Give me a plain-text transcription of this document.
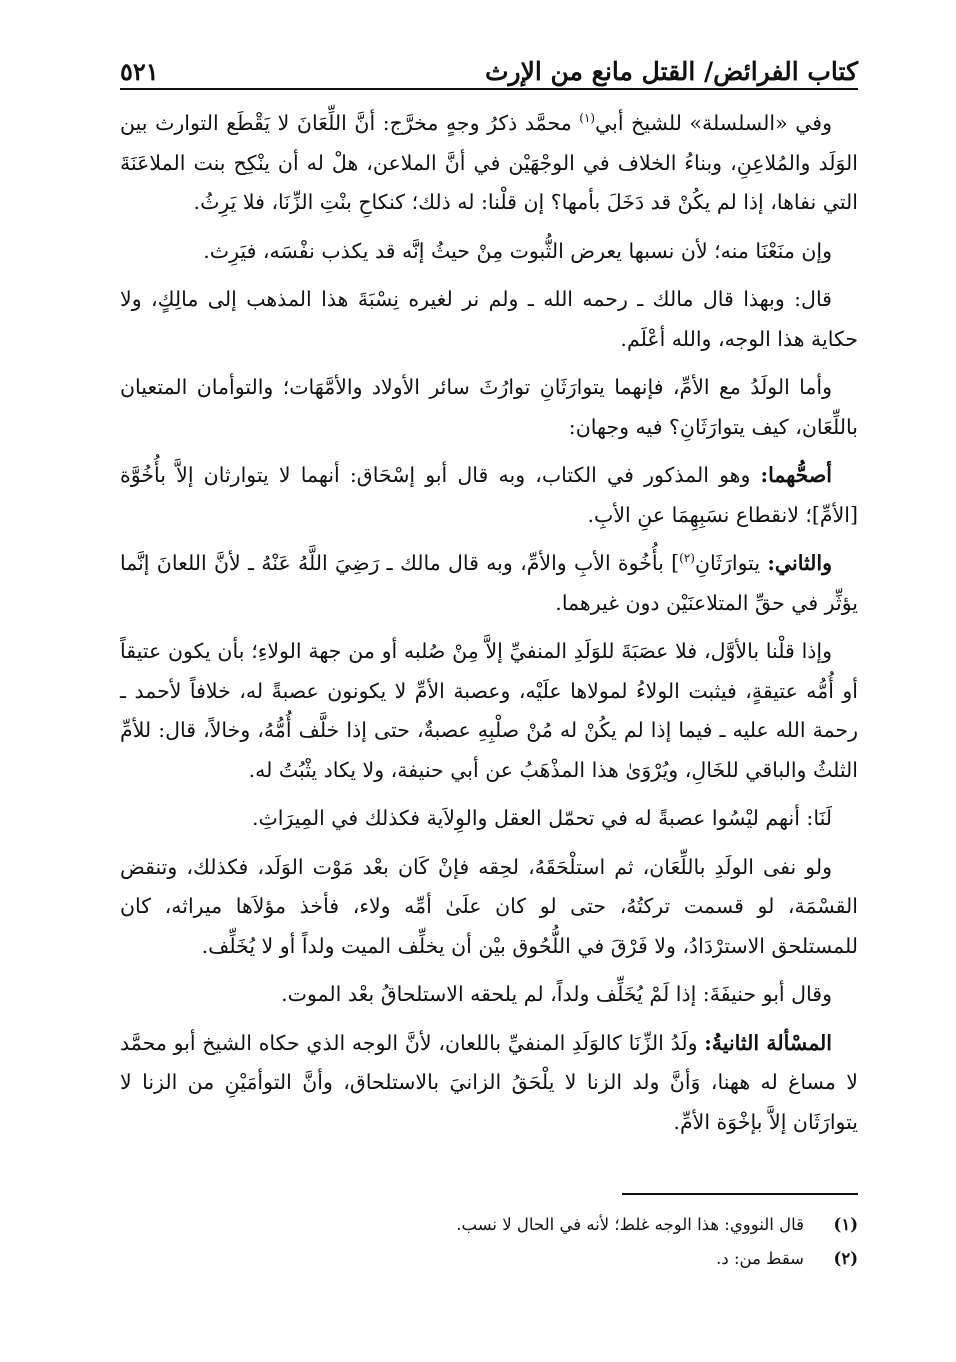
كتاب الفرائض/ القتل مانع من الإرث
٥٢١

وفي «السلسلة» للشيخ أبي$^{(١)}$ محمَّد ذكرُ وجهٍ مخرَّج: أنَّ اللِّعَانَ لا يَقْطَع التوارث بين الوَلَد والمُلاعِنِ، وبناءُ الخلاف في الوجْهَيْن في أنَّ الملاعن، هلْ له أن ينْكِح بنت الملاعَنَةَ التي نفاها، إذا لم يكُنْ قد دَخَلَ بأمها؟ إن قلْنا: له ذلك؛ كنكاحِ بنْتِ الزِّنَا، فلا يَرِثُ.

وإن منَعْنَا منه؛ لأن نسبها يعرض الثُّبوت مِنْ حيثُ إنَّه قد يكذب نفْسَه، فيَرِث.

قال: وبهذا قال مالك ـ رحمه الله ـ ولم نر لغيره نِسْبَةَ هذا المذهب إلى مالِكٍ، ولا حكاية هذا الوجه، والله أعْلَم.

وأما الولَدُ مع الأمِّ، فإنهما يتوارَثَانِ توارُثَ سائر الأولاد والأمَّهَات؛ والتوأمان المتعيان باللِّعَان، كيف يتوارَثَانِ؟ فيه وجهان:

أصحُّهما: وهو المذكور في الكتاب، وبه قال أبو إسْحَاق: أنهما لا يتوارثان إلاَّ بأُخُوَّة [الأمِّ]؛ لانقطاع نسَبِهِمَا عنِ الأبِ.

والثاني: يتوارَثَانِ$^{(٢)}$] بأُخُوة الأبِ والأمِّ، وبه قال مالك ـ رَضِيَ اللَّهُ عَنْهُ ـ لأنَّ اللعانَ إنَّما يؤثِّر في حقِّ المتلاعنَيْن دون غيرهما.

وإذا قلْنا بالأوَّل، فلا عصَبَةَ للوَلَدِ المنفيِّ إلاَّ مِنْ صُلبه أو من جهة الولاءِ؛ بأن يكون عتيقاً أو أُمُّه عتيقةٍ، فيثبت الولاءُ لمولاها علَيْه، وعصبة الأمِّ لا يكونون عصبةً له، خلافاً لأحمد ـ رحمة الله عليه ـ فيما إذا لم يكُنْ له مُنْ صلْبِهِ عصبةٌ، حتى إذا خلَّف أُمُّهُ، وخالاً، قال: للأمِّ الثلثُ والباقي للخَالِ، ويُرْوَىٰ هذا المذْهَبُ عن أبي حنيفة، ولا يكاد يثْبُتُ له.

لَنَا: أنهم ليْسُوا عصبةً له في تحمّل العقل والوِلاَية فكذلك في المِيرَاثِ.

ولو نفى الولَدِ باللِّعَان، ثم استلْحَقَهُ، لحِقه فإنْ كَان بعْد مَوْت الوَلَد، فكذلك، وتنقض القسْمَة، لو قسمت تركتُهُ، حتى لو كان علَىٰ أمِّه ولاء، فأخذ مؤلاَها ميراثه، كان للمستلحق الاسترْدَادُ، ولا فَرْقَ في اللُّحُوق بيْن أن يخلِّف الميت ولداً أو لا يُخَلِّف.

وقال أبو حنيفَةَ: إذا لَمْ يُخَلِّف ولداً، لم يلحقه الاستلحاقُ بعْد الموت.

المسْألة الثانيةُ: ولَدُ الزِّنَا كالوَلَدِ المنفيِّ باللعان، لأنَّ الوجه الذي حكاه الشيخ أبو محمَّد لا مساغ له ههنا، وَأنَّ ولد الزنا لا يلْحَقُ الزانيَ بالاستلحاق، وأنَّ التوأمَيْنِ من الزنا لا يتوارَثَان إلاَّ بإخْوَة الأمِّ.

(١)
قال النووي: هذا الوجه غلط؛ لأنه في الحال لا نسب.
(٢)
سقط من: د.
